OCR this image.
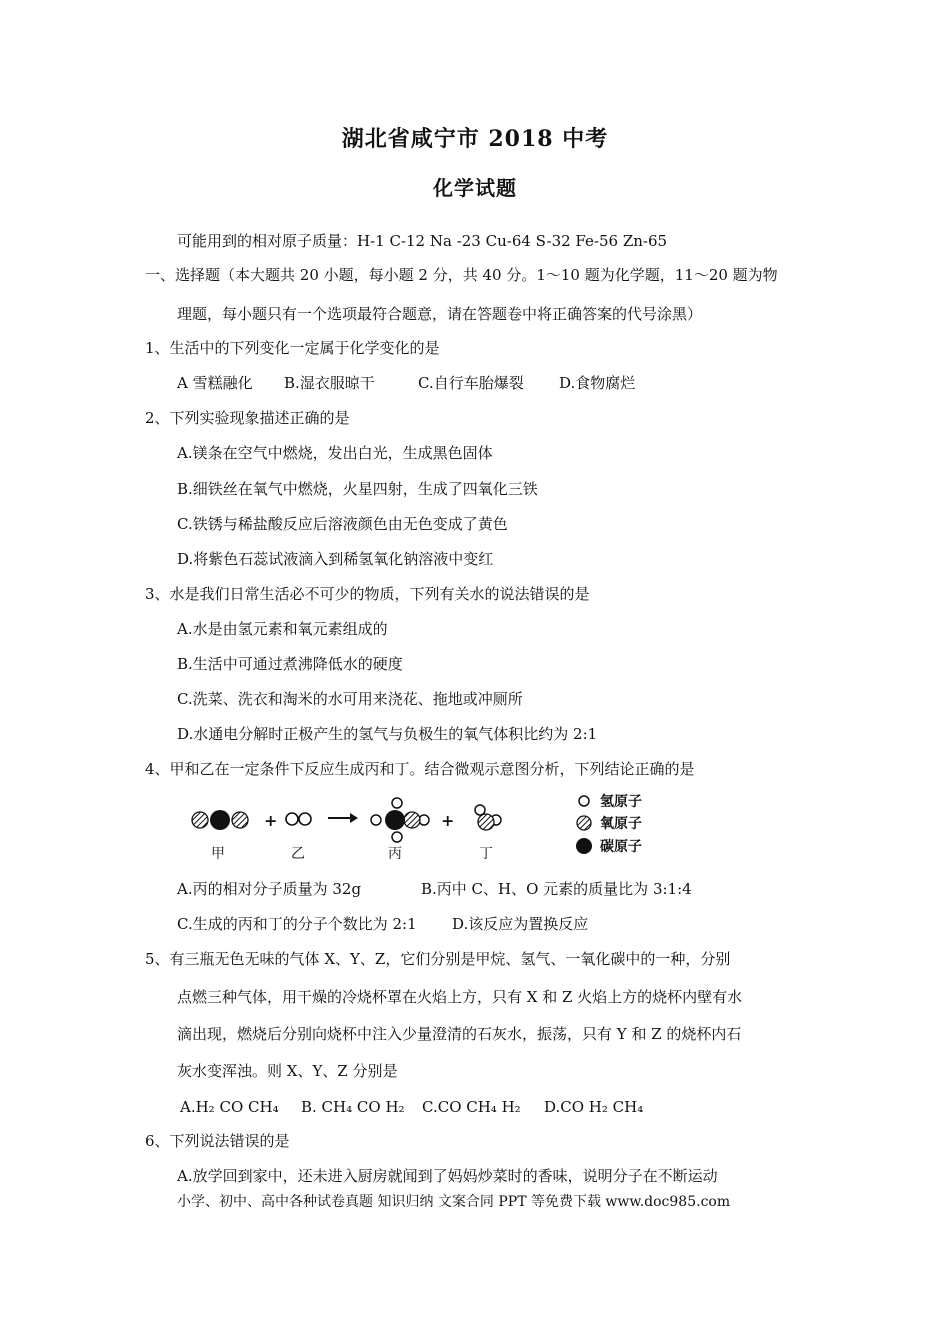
湖北省咸宁市 2018 中考
化学试题
可能用到的相对原子质量：H-1 C-12 Na -23 Cu-64 S-32 Fe-56 Zn-65
一、选择题（本大题共 20 小题，每小题 2 分，共 40 分。1～10 题为化学题，11～20 题为物
理题，每小题只有一个选项最符合题意，请在答题卷中将正确答案的代号涂黑）
1、生活中的下列变化一定属于化学变化的是
A 雪糕融化 B.湿衣服晾干	C.自行车胎爆裂 D.食物腐烂
2、下列实验现象描述正确的是
A.镁条在空气中燃烧，发出白光，生成黑色固体
B.细铁丝在氧气中燃烧，火星四射，生成了四氧化三铁
C.铁锈与稀盐酸反应后溶液颜色由无色变成了黄色
D.将紫色石蕊试液滴入到稀氢氧化钠溶液中变红
3、水是我们日常生活必不可少的物质，下列有关水的说法错误的是
A.水是由氢元素和氧元素组成的
B.生活中可通过煮沸降低水的硬度
C.洗菜、洗衣和淘米的水可用来浇花、拖地或冲厕所
D.水通电分解时正极产生的氢气与负极生的氧气体积比约为 2:1
4、甲和乙在一定条件下反应生成丙和丁。结合微观示意图分析，下列结论正确的是
+	+
甲	乙	丙	丁
氢原子
氧原子
碳原子
A.丙的相对分子质量为 32g	B.丙中 C、H、O 元素的质量比为 3:1:4
C.生成的丙和丁的分子个数比为 2:1 D.该反应为置换反应
5、有三瓶无色无味的气体 X、Y、Z，它们分别是甲烷、氢气、一氧化碳中的一种，分别
点燃三种气体，用干燥的冷烧杯罩在火焰上方，只有 X 和 Z 火焰上方的烧杯内壁有水
滴出现，燃烧后分别向烧杯中注入少量澄清的石灰水，振荡，只有 Y 和 Z 的烧杯内石
灰水变浑浊。则 X、Y、Z 分别是
A.H₂ CO CH₄ B. CH₄ CO H₂ C.CO CH₄ H₂ D.CO H₂ CH₄
6、下列说法错误的是
A.放学回到家中，还未进入厨房就闻到了妈妈炒菜时的香味，说明分子在不断运动
小学、初中、高中各种试卷真题 知识归纳 文案合同 PPT 等免费下载 www.doc985.com
